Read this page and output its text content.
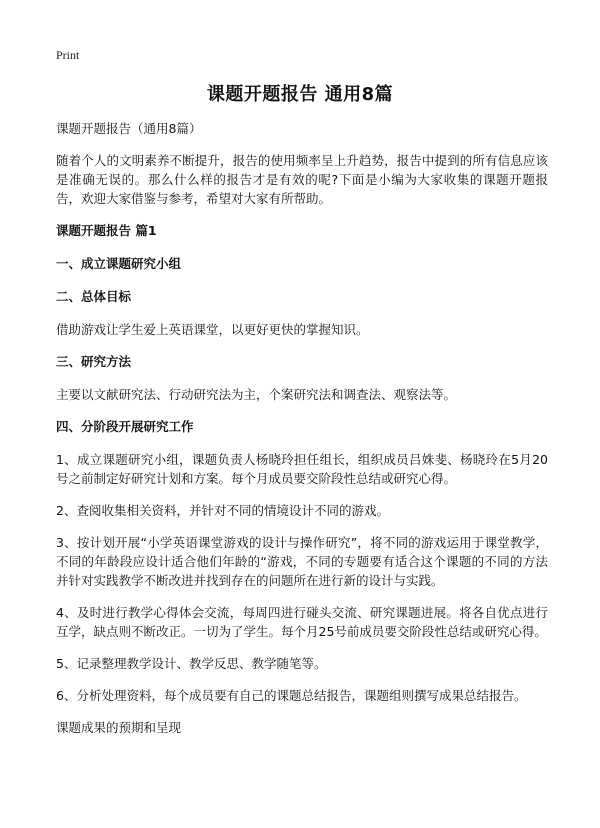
Print
课题开题报告 通用8篇

课题开题报告（通用8篇）

随着个人的文明素养不断提升，报告的使用频率呈上升趋势，报告中提到的所有信息应该是准确无误的。那么什么样的报告才是有效的呢?下面是小编为大家收集的课题开题报告，欢迎大家借鉴与参考，希望对大家有所帮助。

课题开题报告 篇1

一、成立课题研究小组

二、总体目标

借助游戏让学生爱上英语课堂，以更好更快的掌握知识。

三、研究方法

主要以文献研究法、行动研究法为主，个案研究法和调查法、观察法等。

四、分阶段开展研究工作

1、成立课题研究小组，课题负责人杨晓玲担任组长，组织成员吕姝斐、杨晓玲在5月20号之前制定好研究计划和方案。每个月成员要交阶段性总结或研究心得。

2、查阅收集相关资料，并针对不同的情境设计不同的游戏。

3、按计划开展“小学英语课堂游戏的设计与操作研究”，将不同的游戏运用于课堂教学，不同的年龄段应设计适合他们年龄的“游戏，不同的专题要有适合这个课题的不同的方法并针对实践教学不断改进并找到存在的问题所在进行新的设计与实践。

4、及时进行教学心得体会交流，每周四进行碰头交流、研究课题进展。将各自优点进行互学，缺点则不断改正。一切为了学生。每个月25号前成员要交阶段性总结或研究心得。

5、记录整理教学设计、教学反思、教学随笔等。

6、分析处理资料，每个成员要有自己的课题总结报告，课题组则撰写成果总结报告。

课题成果的预期和呈现
